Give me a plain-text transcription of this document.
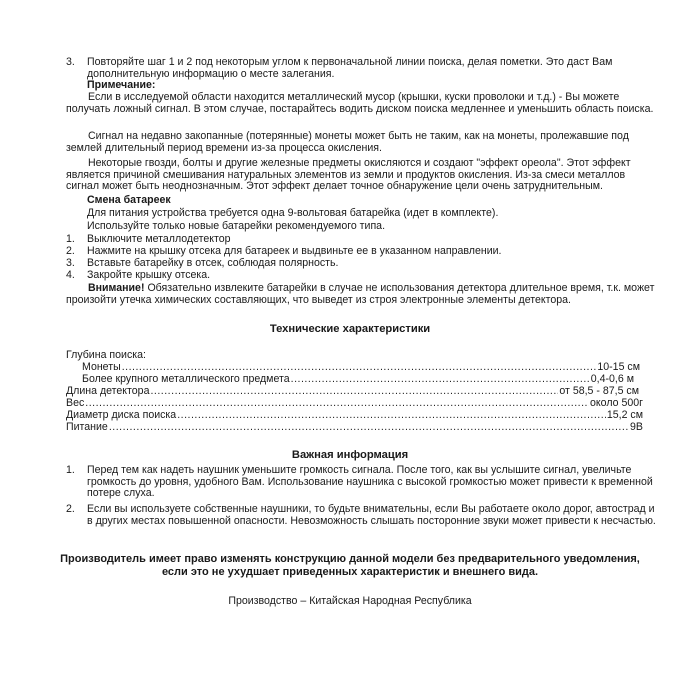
3. Повторяйте шаг 1 и 2 под некоторым углом к первоначальной линии поиска, делая пометки. Это даст Вам дополнительную информацию о месте залегания.

Примечание:

Если в исследуемой области находится металлический мусор (крышки, куски проволоки и т.д.) - Вы можете получать ложный сигнал. В этом случае, постарайтесь водить диском поиска медленнее и уменьшить область поиска.

Сигнал на недавно закопанные (потерянные) монеты может быть не таким, как на монеты, пролежавшие под землей длительный период времени из-за процесса окисления.

Некоторые гвозди, болты и другие железные предметы окисляются и создают "эффект ореола". Этот эффект является причиной смешивания натуральных элементов из земли и продуктов окисления. Из-за смеси металлов сигнал может быть неоднозначным. Этот эффект делает точное обнаружение цели очень затруднительным.

Смена батареек

Для питания устройства требуется одна 9-вольтовая батарейка (идет в комплекте).

Используйте только новые батарейки рекомендуемого типа.

1. Выключите металлодетектор

2. Нажмите на крышку отсека для батареек и выдвиньте ее в указанном направлении.

3. Вставьте батарейку в отсек, соблюдая полярность.

4. Закройте крышку отсека.

Внимание! Обязательно извлеките батарейки в случае не использования детектора длительное время, т.к. может произойти утечка химических составляющих, что выведет из строя электронные элементы детектора.

Технические характеристики

Глубина поиска:

Монеты .....	10-15 см
Более крупного металлического предмета .....	0,4-0,6 м
Длина детектора .....	от 58,5 - 87,5 см
Вес .....	около 500г
Диаметр диска поиска .....	15,2 см
Питание .....	9В
Важная информация
1. Перед тем как надеть наушник уменьшите громкость сигнала. После того, как вы услышите сигнал, увеличьте громкость до уровня, удобного Вам. Использование наушника с высокой громкостью может привести к временной потере слуха.

2. Если вы используете собственные наушники, то будьте внимательны, если Вы работаете около дорог, автострад и в других местах повышенной опасности. Невозможность слышать посторонние звуки может привести к несчастью.

Производитель имеет право изменять конструкцию данной модели без предварительного уведомления,

если это не ухудшает приведенных характеристик и внешнего вида.

Производство – Китайская Народная Республика
